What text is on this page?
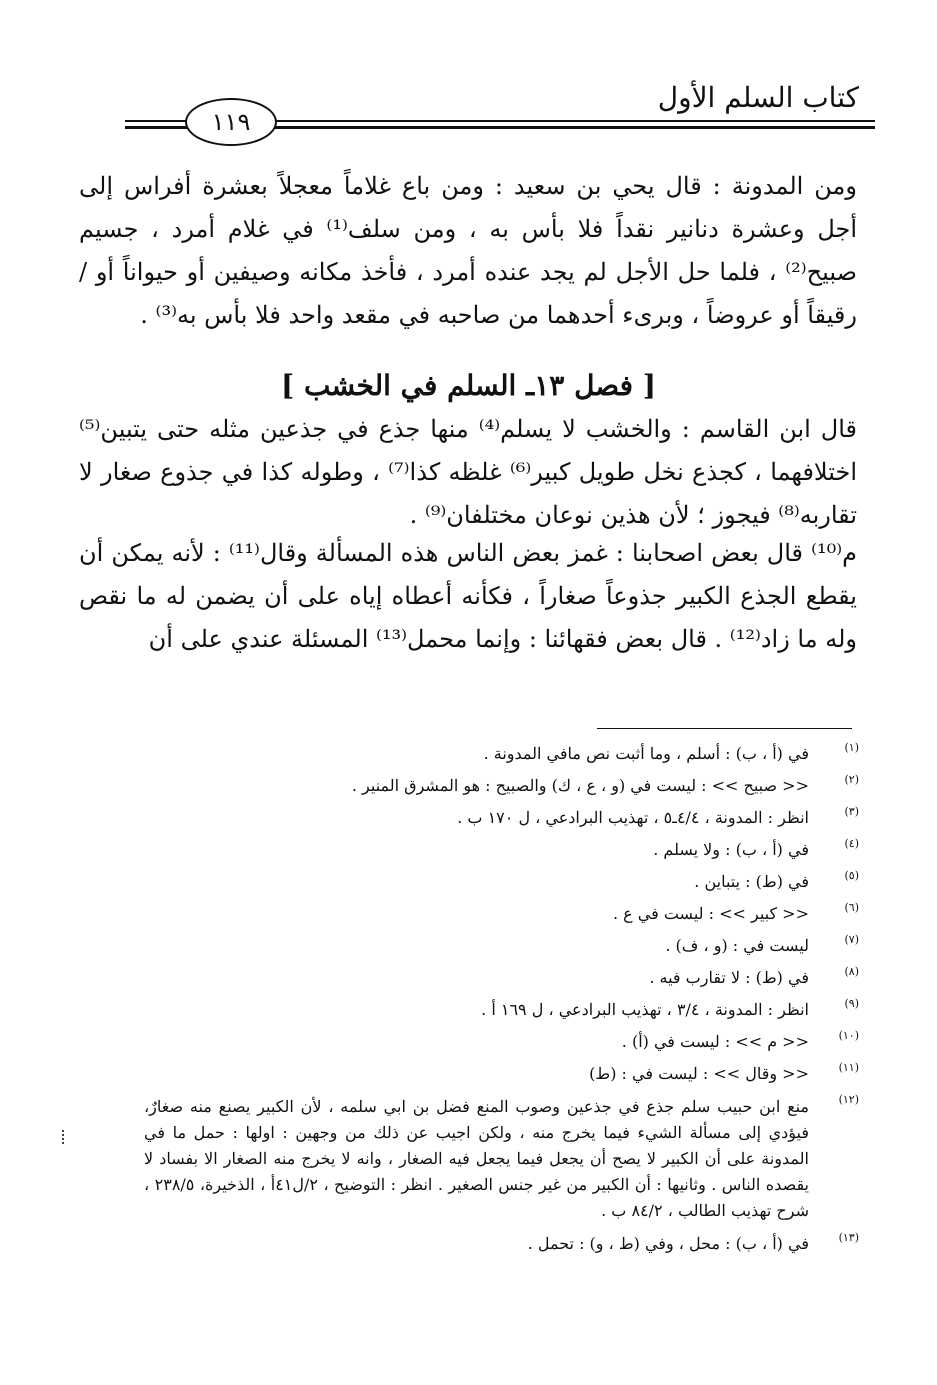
كتاب السلم الأول
١١٩

ومن المدونة : قال يحي بن سعيد : ومن باع غلاماً معجلاً بعشرة أفراس إلى أجل وعشرة دنانير نقداً فلا بأس به ، ومن سلف⁽¹⁾ في غلام أمرد ، جسيم صبيح⁽²⁾ ، فلما حل الأجل لم يجد عنده أمرد ، فأخذ مكانه وصيفين أو حيواناً أو / رقيقاً أو عروضاً ، وبرىء أحدهما من صاحبه في مقعد واحد فلا بأس به⁽³⁾ .

[ فصل ١٣ـ السلم في الخشب ]

قال ابن القاسم : والخشب لا يسلم⁽⁴⁾ منها جذع في جذعين مثله حتى يتبين⁽⁵⁾ اختلافهما ، كجذع نخل طويل كبير⁽⁶⁾ غلظه كذا⁽⁷⁾ ، وطوله كذا في جذوع صغار لا تقاربه⁽⁸⁾ فيجوز ؛ لأن هذين نوعان مختلفان⁽⁹⁾ .

م⁽¹⁰⁾ قال بعض اصحابنا : غمز بعض الناس هذه المسألة وقال⁽¹¹⁾ : لأنه يمكن أن يقطع الجذع الكبير جذوعاً صغاراً ، فكأنه أعطاه إياه على أن يضمن له ما نقص وله ما زاد⁽¹²⁾ . قال بعض فقهائنا : وإنما محمل⁽¹³⁾ المسئلة عندي على أن

(١)
في (أ ، ب) : أسلم ، وما أثبت نص مافي المدونة .
(٢)
<< صبيح >> : ليست في (و ، ع ، ك) والصبيح : هو المشرق المنير .
(٣)
انظر : المدونة ، ٤/٤ـ٥ ، تهذيب البرادعي ، ل ١٧٠ ب .
(٤)
في (أ ، ب) : ولا يسلم .
(٥)
في (ط) : يتباين .
(٦)
<< كبير >> : ليست في ع .
(٧)
ليست في : (و ، ف) .
(٨)
في (ط) : لا تقارب فيه .
(٩)
انظر : المدونة ، ٣/٤ ، تهذيب البرادعي ، ل ١٦٩ أ .
(١٠)
<< م >> : ليست في (أ) .
(١١)
<< وقال >> : ليست في : (ط)
(١٢)
منع ابن حبيب سلم جذع في جذعين وصوب المنع فضل بن ابي سلمه ، لأن الكبير يصنع منه صغارٌ، فيؤدي إلى مسألة الشيء فيما يخرج منه ، ولكن اجيب عن ذلك من وجهين : اولها : حمل ما في المدونة على أن الكبير لا يصح أن يجعل فيما يجعل فيه الصغار ، وانه لا يخرج منه الصغار الا بفساد لا يقصده الناس . وثانيها : أن الكبير من غير جنس الصغير . انظر : التوضيح ، ٢/ل٤١أ ، الذخيرة، ٢٣٨/٥ ، شرح تهذيب الطالب ، ٨٤/٢ ب .
(١٣)
في (أ ، ب) : محل ، وفي (ط ، و) : تحمل .
